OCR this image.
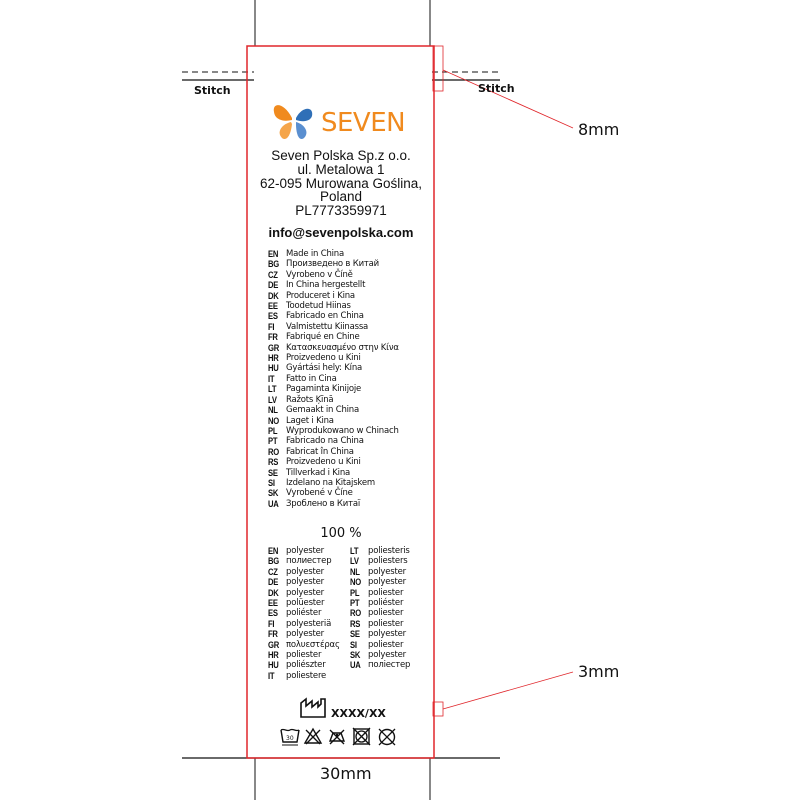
Stitch	Stitch
8mm
3mm
30mm
SEVEN
Seven Polska Sp.z o.o.
ul. Metalowa 1
62-095 Murowana Goślina,
Poland
PL7773359971
info@sevenpolska.com
EN Made in China
BG Произведено в Китай
CZ Vyrobeno v Číně
DE In China hergestellt
DK Produceret i Kina
EE Toodetud Hiinas
ES Fabricado en China
FI	Valmistettu Kiinassa
FR Fabriqué en Chine
GR Κατασκευασμένο στην Κίνα
HR Proizvedeno u Kini
HU Gyártási hely: Kína
IT	Fatto in Cina
LT	Pagaminta Kinijoje
LV	Ražots Ķīnā
NL Gemaakt in China
NO Laget i Kina
PL	Wyprodukowano w Chinach
PT	Fabricado na China
RO Fabricat în China
RS Proizvedeno u Kini
SE Tillverkad i Kina
SI	Izdelano na Kitajskem
SK Vyrobené v Číne
UA Зроблено в Китаї
100 %
EN polyester
BG полиестер
CZ polyester
DE polyester
DK polyester
EE polüester
ES poliéster
FI	polyesteriä
FR polyester
GR πολυεστέρας
HR poliester
HU poliészter
IT	poliestere
LT	poliesteris
LV	poliesters
NL polyester
NO polyester
PL	poliester
PT	poliéster
RO poliester
RS poliester
SE polyester
SI	poliester
SK polyester
UA поліестер
XXXX/XX
30
